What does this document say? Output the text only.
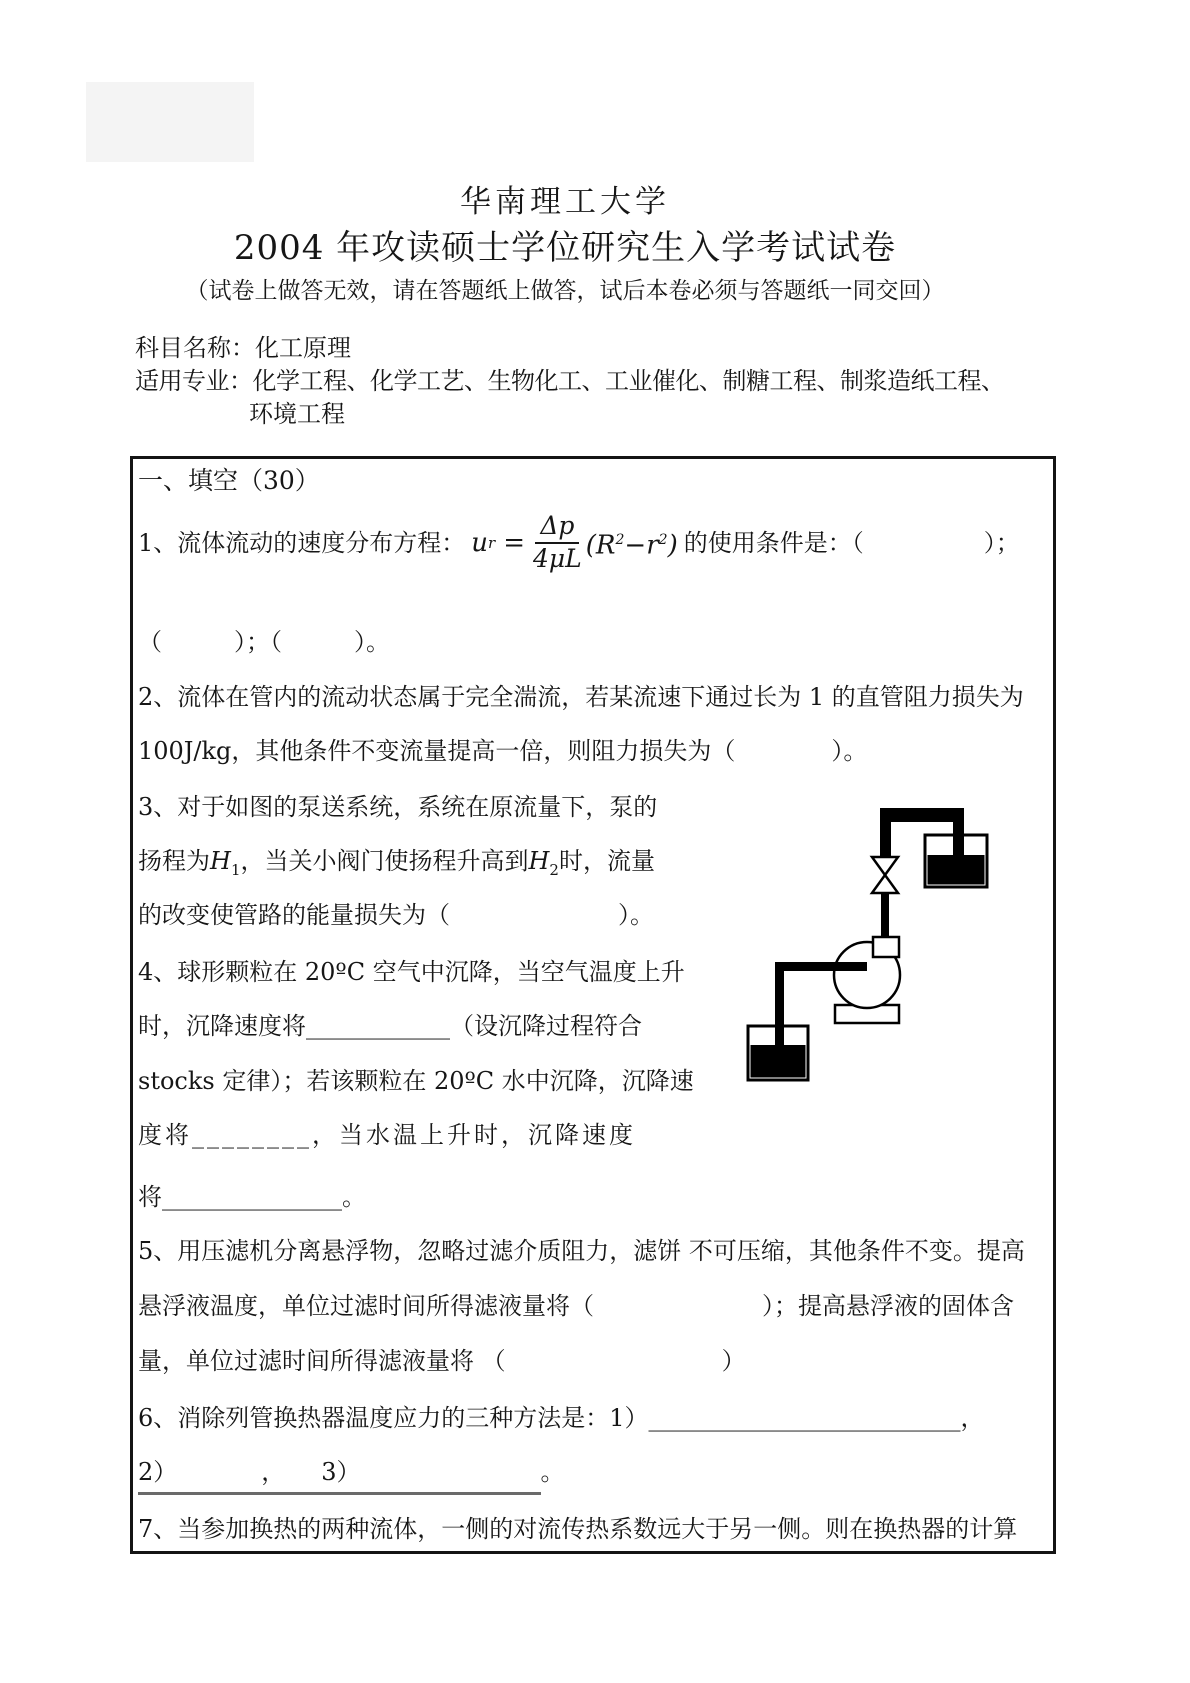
华南理工大学
2004 年攻读硕士学位研究生入学考试试卷
（试卷上做答无效，请在答题纸上做答，试后本卷必须与答题纸一同交回）
科目名称：化工原理
适用专业：化学工程、化学工艺、生物化工、工业催化、制糖工程、制浆造纸工程、
环境工程
一、填空（30）
1、流体流动的速度分布方程： u $r = \frac{\Delta p}{4\mu L} (R^2-r^2)$ 的使用条件是：（　　　　　）；
（　　　）；（　　　）。
2、流体在管内的流动状态属于完全湍流，若某流速下通过长为 1 的直管阻力损失为
100J/kg，其他条件不变流量提高一倍，则阻力损失为（　　　　）。
3、对于如图的泵送系统，系统在原流量下，泵的
扬程为$H_1$，当关小阀门使扬程升高到$H_2$时，流量
的改变使管路的能量损失为（　　　　　　　）。
4、球形颗粒在 20ºC 空气中沉降，当空气温度上升
时，沉降速度将____________（设沉降过程符合
stocks 定律）；若该颗粒在 20ºC 水中沉降，沉降速
度将________，当水温上升时，沉降速度
将_______________。
5、用压滤机分离悬浮物，忽略过滤介质阻力，滤饼 不可压缩，其他条件不变。提高
悬浮液温度，单位过滤时间所得滤液量将（　　　　　　　）；提高悬浮液的固体含
量，单位过滤时间所得滤液量将 （　　　　　　　　　）
6、消除列管换热器温度应力的三种方法是：1）__________________________，
2）　　　　，　　3）　　　　　　　　。
7、当参加换热的两种流体，一侧的对流传热系数远大于另一侧。则在换热器的计算
